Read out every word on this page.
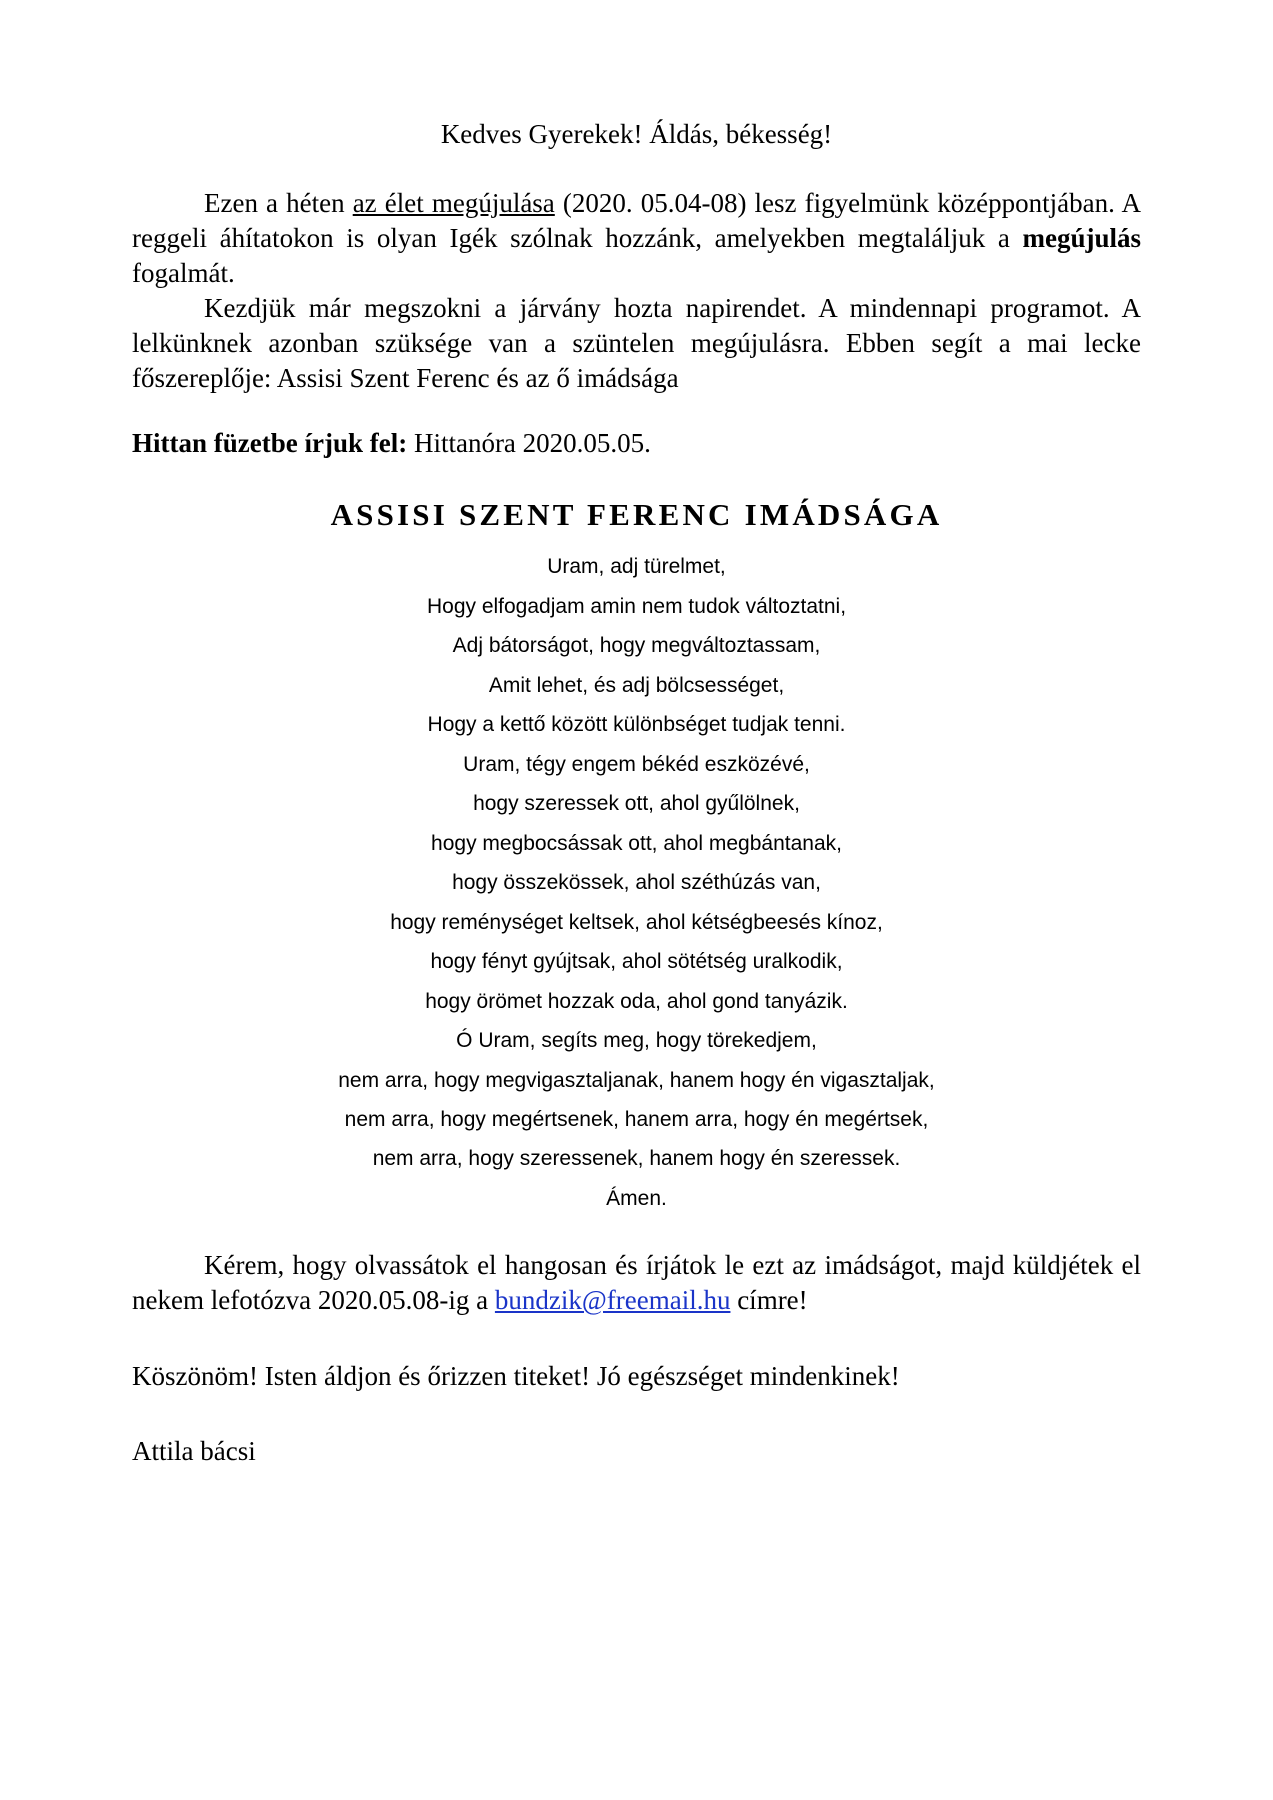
Kedves Gyerekek! Áldás, békesség!

Ezen a héten az élet megújulása (2020. 05.04-08) lesz figyelmünk középpontjában. A reggeli áhítatokon is olyan Igék szólnak hozzánk, amelyekben megtaláljuk a megújulás fogalmát.

Kezdjük már megszokni a járvány hozta napirendet. A mindennapi programot. A lelkünknek azonban szüksége van a szüntelen megújulásra. Ebben segít a mai lecke főszereplője: Assisi Szent Ferenc és az ő imádsága

Hittan füzetbe írjuk fel: Hittanóra 2020.05.05.

ASSISI SZENT FERENC IMÁDSÁGA
Uram, adj türelmet,
Hogy elfogadjam amin nem tudok változtatni,
Adj bátorságot, hogy megváltoztassam,
Amit lehet, és adj bölcsességet,
Hogy a kettő között különbséget tudjak tenni.
Uram, tégy engem békéd eszközévé,
hogy szeressek ott, ahol gyűlölnek,
hogy megbocsássak ott, ahol megbántanak,
hogy összekössek, ahol széthúzás van,
hogy reménységet keltsek, ahol kétségbeesés kínoz,
hogy fényt gyújtsak, ahol sötétség uralkodik,
hogy örömet hozzak oda, ahol gond tanyázik.
Ó Uram, segíts meg, hogy törekedjem,
nem arra, hogy megvigasztaljanak, hanem hogy én vigasztaljak,
nem arra, hogy megértsenek, hanem arra, hogy én megértsek,
nem arra, hogy szeressenek, hanem hogy én szeressek.
Ámen.

Kérem, hogy olvassátok el hangosan és írjátok le ezt az imádságot, majd küldjétek el nekem lefotózva 2020.05.08-ig a bundzik@freemail.hu címre!

Köszönöm! Isten áldjon és őrizzen titeket! Jó egészséget mindenkinek!

Attila bácsi
